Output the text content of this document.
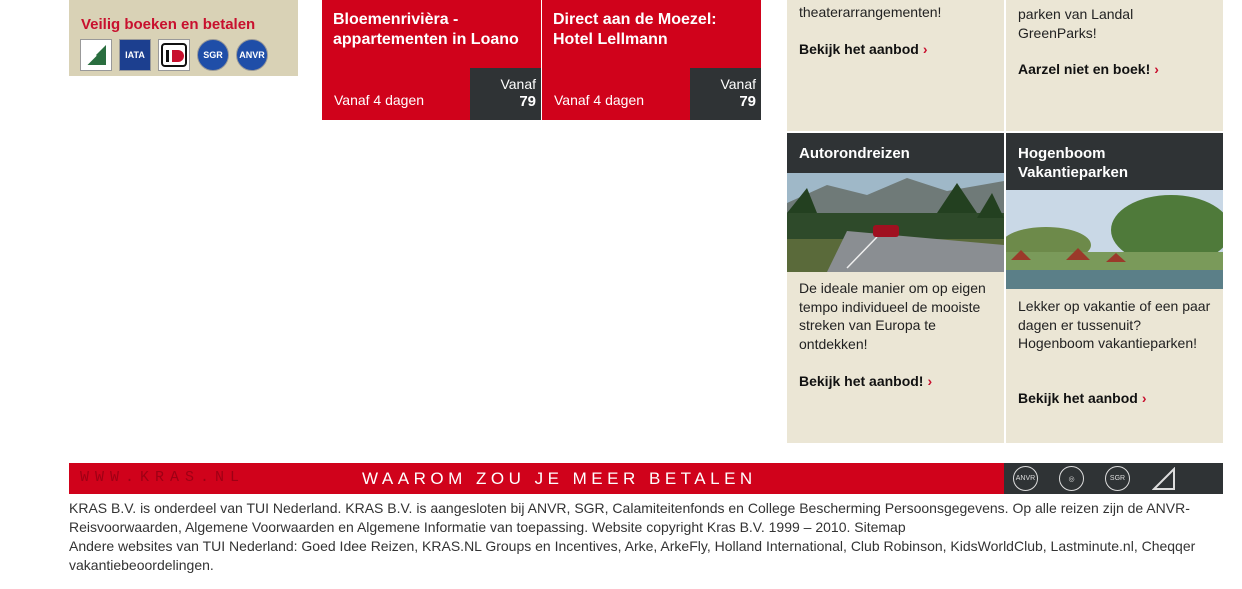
Veilig boeken en betalen
IATA	SGR	ANVR
Bloemenrivièra - appartementen in Loano
Vanaf 4 dagen
Vanaf
79
Direct aan de Moezel: Hotel Lellmann
Vanaf 4 dagen
Vanaf
79
theaterarrangementen!
Bekijk het aanbod ›
parken van Landal GreenParks!
Aarzel niet en boek! ›
Autorondreizen
De ideale manier om op eigen tempo individueel de mooiste streken van Europa te ontdekken!
Bekijk het aanbod! ›
Hogenboom Vakantieparken
Lekker op vakantie of een paar dagen er tussenuit? Hogenboom vakantieparken!
Bekijk het aanbod ›
WWW.KRAS.NL	WAAROM ZOU JE MEER BETALEN	ANVR	◎	SGR
KRAS B.V. is onderdeel van TUI Nederland. KRAS B.V. is aangesloten bij ANVR, SGR, Calamiteitenfonds en College Bescherming Persoonsgegevens. Op alle reizen zijn de ANVR-Reisvoorwaarden, Algemene Voorwaarden en Algemene Informatie van toepassing. Website copyright Kras B.V. 1999 – 2010. Sitemap
Andere websites van TUI Nederland: Goed Idee Reizen, KRAS.NL Groups en Incentives, Arke, ArkeFly, Holland International, Club Robinson, KidsWorldClub, Lastminute.nl, Cheqqer vakantiebeoordelingen.
